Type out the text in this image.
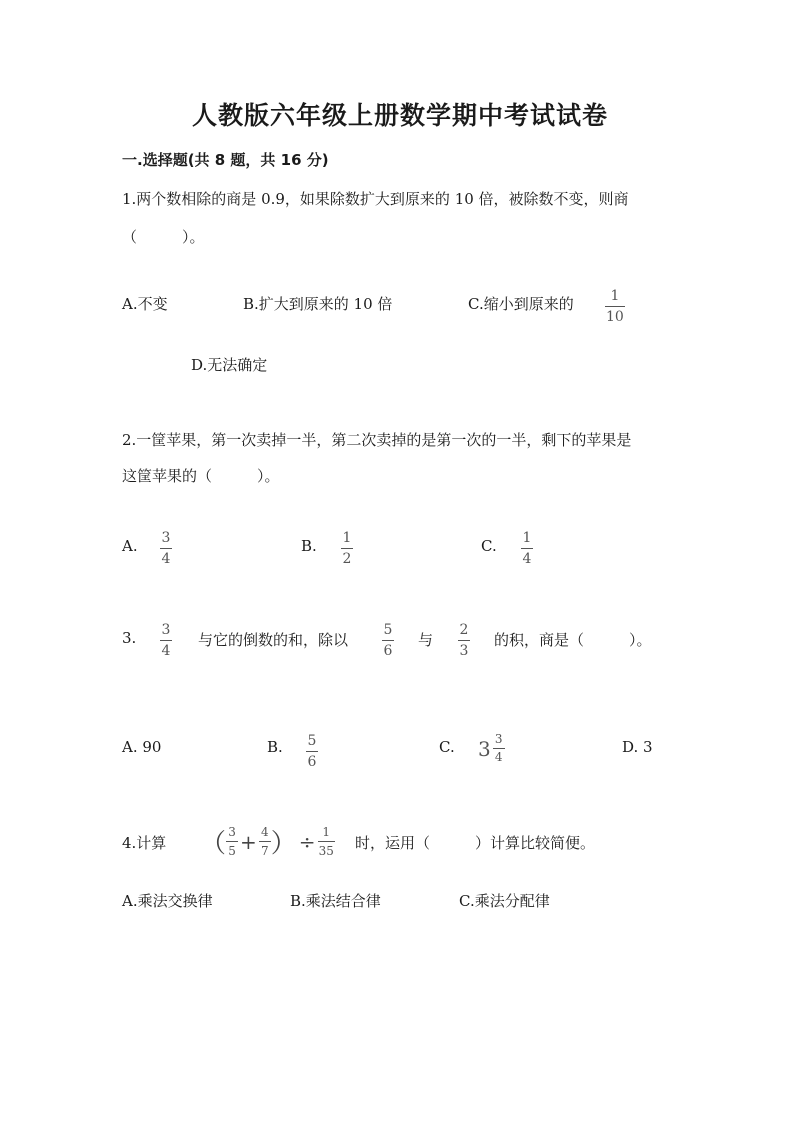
人教版六年级上册数学期中考试试卷
一.选择题(共 8 题，共 16 分)
1.两个数相除的商是 0.9，如果除数扩大到原来的 10 倍，被除数不变，则商
（　　　）。
A.不变	B.扩大到原来的 10 倍	C.缩小到原来的	1
10
D.无法确定
2.一筐苹果，第一次卖掉一半，第二次卖掉的是第一次的一半，剩下的苹果是
这筐苹果的（　　　）。
A. 3
4
B. 1
2
C. 1
4
3. 3
4
与它的倒数的和，除以
5
6
与
2
3
的积，商是（　　　）。
A. 90	B. 5
6
C. $3 \frac{3}{4}$	D. 3
4.计算 （ $\frac{3}{5} + \frac{4}{7}$ ） ÷ $\frac{1}{35}$ 时，运用（　　　）计算比较简便。
A.乘法交换律	B.乘法结合律	C.乘法分配律
